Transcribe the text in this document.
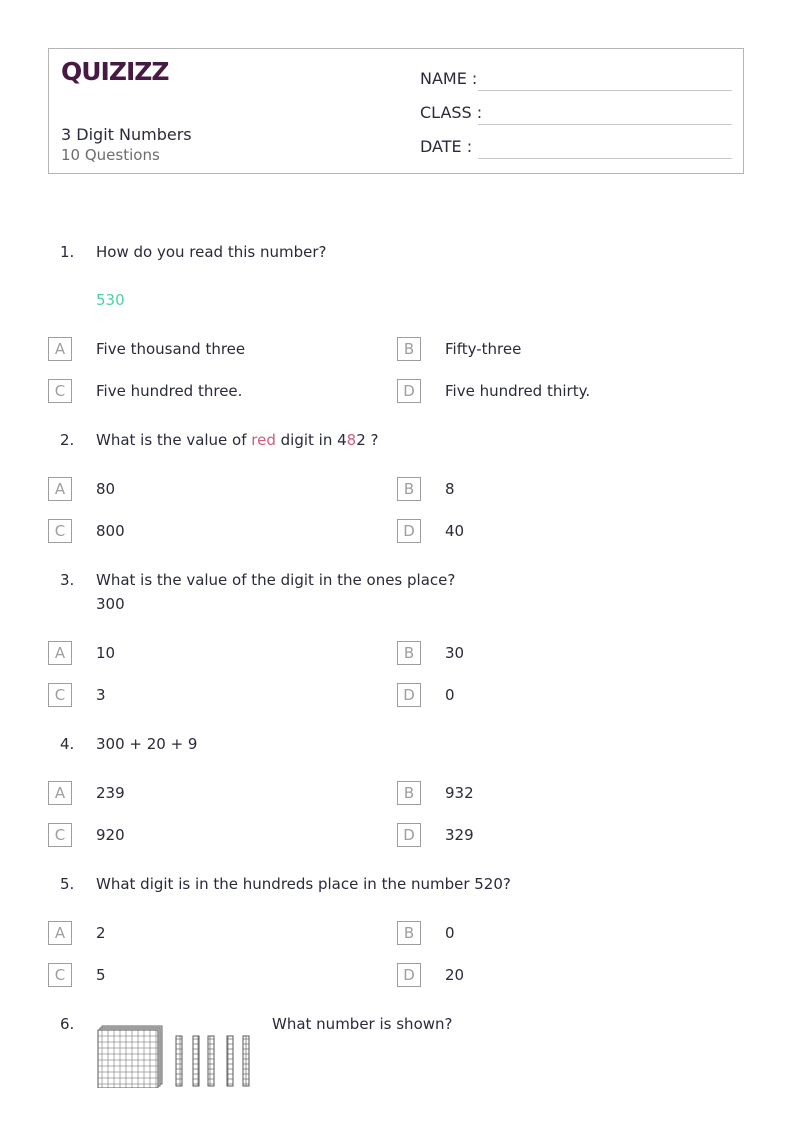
QUIZIZZ
3 Digit Numbers
10 Questions
NAME :
CLASS :
DATE :
1. How do you read this number?
530
A	Five thousand three	B	Fifty-three
C	Five hundred three.	D	Five hundred thirty.
2. What is the value of red digit in 482 ?
A	80	B	8
C	800	D	40
3. What is the value of the digit in the ones place?
300
A	10	B	30
C	3	D	0
4. 300 + 20 + 9
A	239	B	932
C	920	D	329
5. What digit is in the hundreds place in the number 520?
A	2	B	0
C	5	D	20
6.	What number is shown?
